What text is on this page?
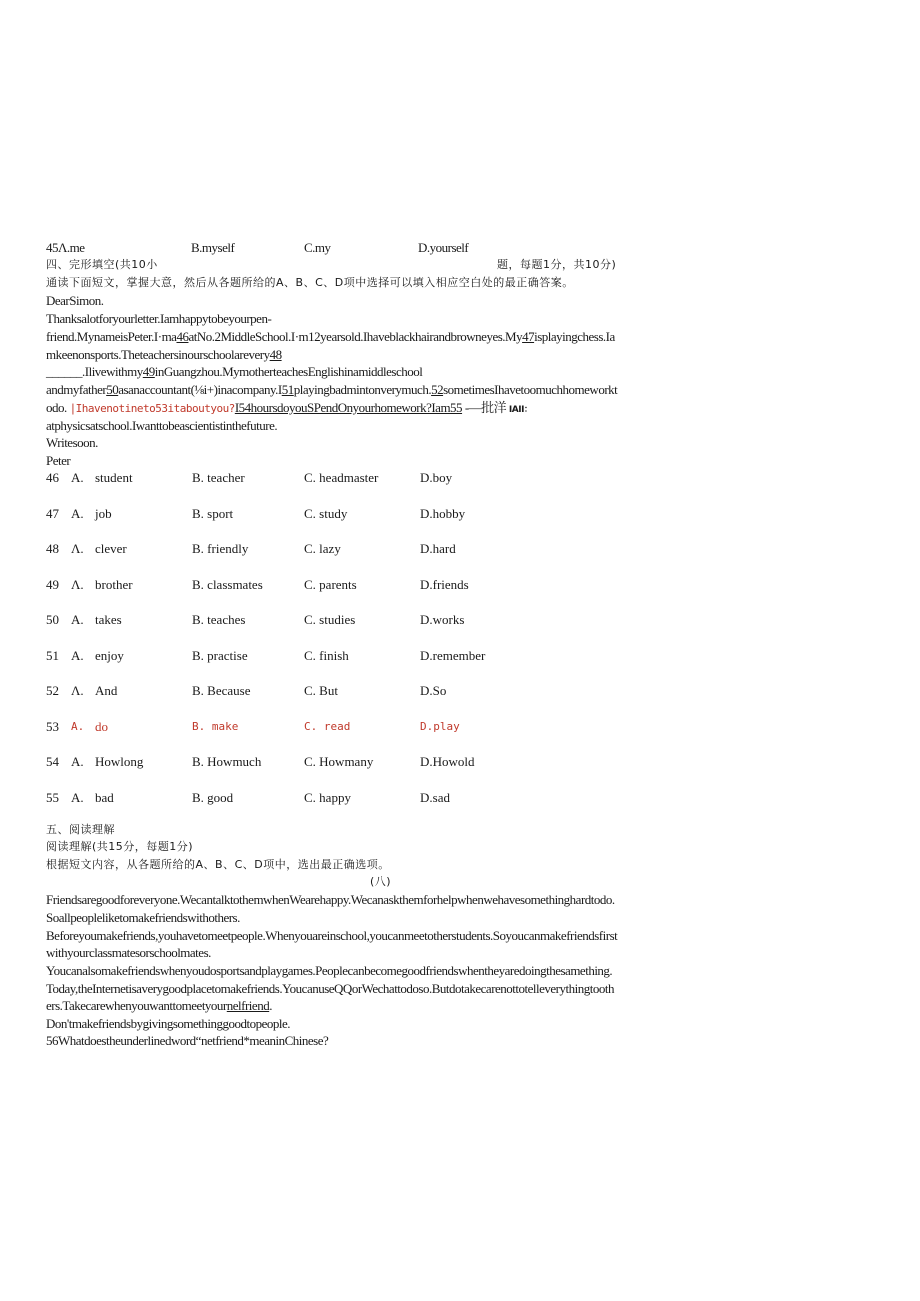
45Λ.me	B.myself	C.my	D.yourself
四、完形填空(共10小	题，每题1分，共10分)
通读下面短文，掌握大意，然后从各题所给的A、B、C、D项中选择可以填入相应空白处的最正确答案。
DearSimon.
Thanksalotforyourletter.Iamhappytobeyourpen-
friend.MynameisPeter.I·ma46atNo.2MiddleSchool.I·m12yearsold.Ihaveblackhairandbrowneyes.My47isplayingchess.Ia
mkeenonsports.Theteachersinourschoolarevery48
______.Ilivewithmy49inGuangzhou.MymotherteachesEnglishinamiddleschool
andmyfather50asanaccountant(⅛i+)inacompany.I51playingbadmintonverymuch.52sometimesIhavetoomuchhomeworkt
odo. ∣Ihavenotineto53itaboutyou?I54hoursdoyouSPendOnyourhomework?Iam55 -—批洋 IAII：
atphysicsatschool.Iwanttobeascientistinthefuture.
Writesoon.
Peter
46 A. student	B. teacher	C. headmaster	D.boy
47 A. job	B. sport	C. study	D.hobby
48 Λ. clever	B. friendly	C. lazy	D.hard
49 Λ. brother	B. classmates	C. parents	D.friends
50 A. takes	B. teaches	C. studies	D.works
51 A. enjoy	B. practise	C. finish	D.remember
52 Λ. And	B. Because	C. But	D.So
53 A. do	B. make	C. read	D.play
54 A. Howlong	B. Howmuch	C. Howmany	D.Howold
55 A. bad	B. good	C. happy	D.sad
五、阅读理解
阅读理解(共15分，每题1分)
根据短文内容，从各题所给的A、B、C、D项中，选出最正确选项。
(八)
Friendsaregoodforeveryone.WecantalktothemwhenWearehappy.Wecanaskthemforhelpwhenwehavesomethinghardtodo.
Soallpeopleliketomakefriendswithothers.
Beforeyoumakefriends,youhavetomeetpeople.Whenyouareinschool,youcanmeetotherstudents.Soyoucanmakefriendsfirst
withyourclassmatesorschoolmates.
Youcanalsomakefriendswhenyoudosportsandplaygames.Peoplecanbecomegoodfriendswhentheyaredoingthesamething.
Today,theInternetisaverygoodplacetomakefriends.YoucanuseQQorWechattodoso.Butdotakecarenottotelleverythingtooth
ers.Takecarewhenyouwanttomeetyournelfriend.
Don'tmakefriendsbygivingsomethinggoodtopeople.
56Whatdoestheunderlinedword“netfriend*meaninChinese?
